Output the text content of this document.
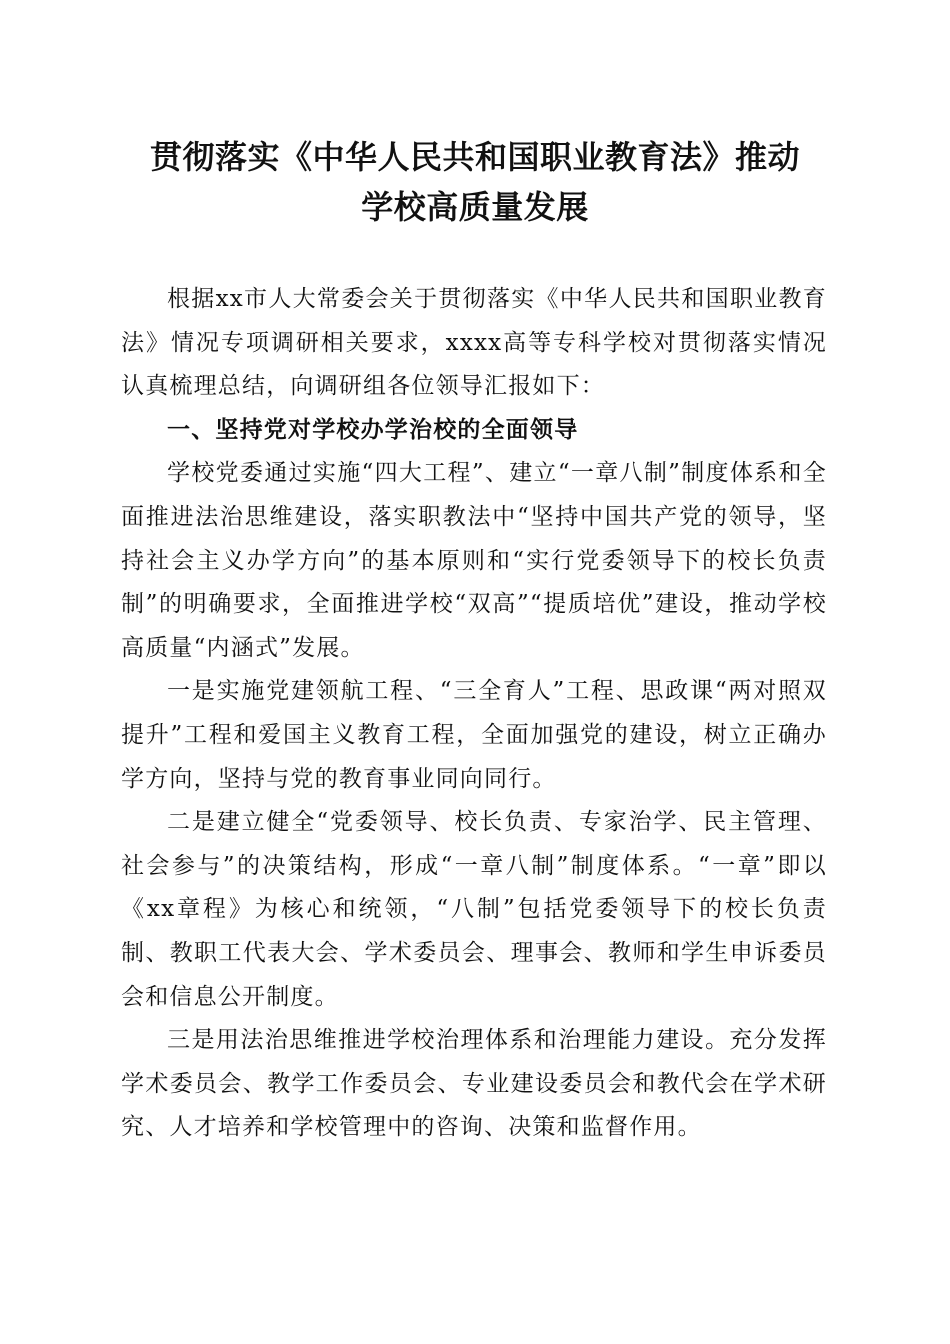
贯彻落实《中华人民共和国职业教育法》推动
学校高质量发展

根据xx市人大常委会关于贯彻落实《中华人民共和国职业教育法》情况专项调研相关要求，xxxx高等专科学校对贯彻落实情况认真梳理总结，向调研组各位领导汇报如下：

一、坚持党对学校办学治校的全面领导

学校党委通过实施“四大工程”、建立“一章八制”制度体系和全面推进法治思维建设，落实职教法中“坚持中国共产党的领导，坚持社会主义办学方向”的基本原则和“实行党委领导下的校长负责制”的明确要求，全面推进学校“双高”“提质培优”建设，推动学校高质量“内涵式”发展。

一是实施党建领航工程、“三全育人”工程、思政课“两对照双提升”工程和爱国主义教育工程，全面加强党的建设，树立正确办学方向，坚持与党的教育事业同向同行。

二是建立健全“党委领导、校长负责、专家治学、民主管理、社会参与”的决策结构，形成“一章八制”制度体系。“一章”即以《xx章程》为核心和统领，“八制”包括党委领导下的校长负责制、教职工代表大会、学术委员会、理事会、教师和学生申诉委员会和信息公开制度。

三是用法治思维推进学校治理体系和治理能力建设。充分发挥学术委员会、教学工作委员会、专业建设委员会和教代会在学术研究、人才培养和学校管理中的咨询、决策和监督作用。
